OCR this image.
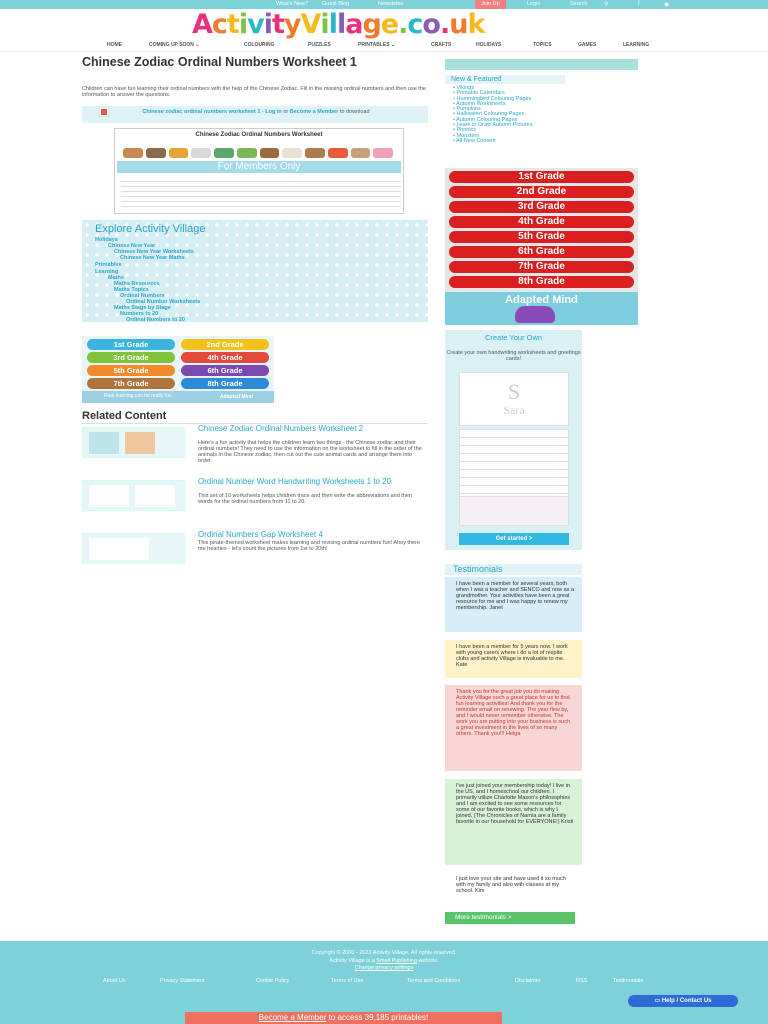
What's New?	Guest Blog	Newsletter	Join Up	Login	Search	⚲	f	◉
ActivityVillage.co.uk
HOME	COMING UP SOON ⌄	COLOURING	PUZZLES	PRINTABLES ⌄	CRAFTS	HOLIDAYS	TOPICS	GAMES	LEARNING
Chinese Zodiac Ordinal Numbers Worksheet 1

Children can have fun learning their ordinal numbers with the help of the Chinese Zodiac. Fill in the missing ordinal numbers and then use the information to answer the questions.

Chinese zodiac ordinal numbers worksheet 1 - Log in or Become a Member to download
Chinese Zodiac Ordinal Numbers Worksheet
For Members Only
Explore Activity Village
Holidays
Chinese New Year
Chinese New Year Worksheets
Chinese New Year Maths
Printables
Learning
Maths
Maths Resources
Maths Topics
Ordinal Numbers
Ordinal Number Worksheets
Maths Stage by Stage
Numbers to 20
Ordinal Numbers to 20
1st Grade	2nd Grade
3rd Grade	4th Grade
5th Grade	6th Grade
7th Grade	8th Grade
Real learning can be really fun.	Adapted Mind
Related Content
Chinese Zodiac Ordinal Numbers Worksheet 2

Here's a fun activity that helps the children learn two things - the Chinese zodiac and their ordinal numbers! They need to use the information on the worksheet to fill in the order of the animals in the Chinese zodiac, then cut out the cute animal cards and arrange them into order.

Ordinal Number Word Handwriting Worksheets 1 to 20

This set of 10 worksheets helps children trace and then write the abbreviations and then words for the ordinal numbers from 11 to 20.

Ordinal Numbers Gap Worksheet 4

This pirate-themed worksheet makes learning and revising ordinal numbers fun! Ahoy there me hearties - let's count the pictures from 1st to 20th!

New & Featured
• Vikings
• Printable Calendars
• Hummingbird Colouring Pages
• Autumn Worksheets
• Pumpkins
• Halloween Colouring Pages
• Autumn Colouring Pages
• Learn to Draw Autumn Pictures
• Phonics
• Monsters
• All New Content
1st Grade
2nd Grade
3rd Grade
4th Grade
5th Grade
6th Grade
7th Grade
8th Grade
Adapted Mind
Create Your Own
Create your own handwriting worksheets and greetings cards!
S
Sara
Get started >
Testimonials
I have been a member for several years, both when I was a teacher and SENCO and now as a grandmother. Your activities have been a great resource for me and I was happy to renew my membership. Janet
I have been a member for 5 years now. I work with young carers where I do a lot of respite clubs and activity Village is invaluable to me. Kate
Thank you for the great job you do making Activity Village such a great place for us to find fun learning activities! And thank you for the reminder email on renewing. The year flew by, and I would never remember otherwise. The work you are putting into your business is such a great investment in the lives of so many others. Thank you!!! Helga
I've just joined your membership today! I live in the US, and I homeschool our children. I primarily utilize Charlotte Mason's philosophies and I am excited to see some resources for some of our favorite books, which is why I joined. (The Chronicles of Narnia are a family favorite in our household for EVERYONE!) Kristi
I just love your site and have used it so much with my family and also with classes at my school. Kim
More testimonials >
Copyright © 2000 - 2023 Activity Village. All rights reserved.
Activity Village is a Small Publishing website.
Change privacy settings
About Us	Privacy Statement	Cookie Policy	Terms of Use	Terms and Conditions	Disclaimer	RSS	Testimonials
▭ Help / Contact Us
Become a Member to access 39,185 printables!
